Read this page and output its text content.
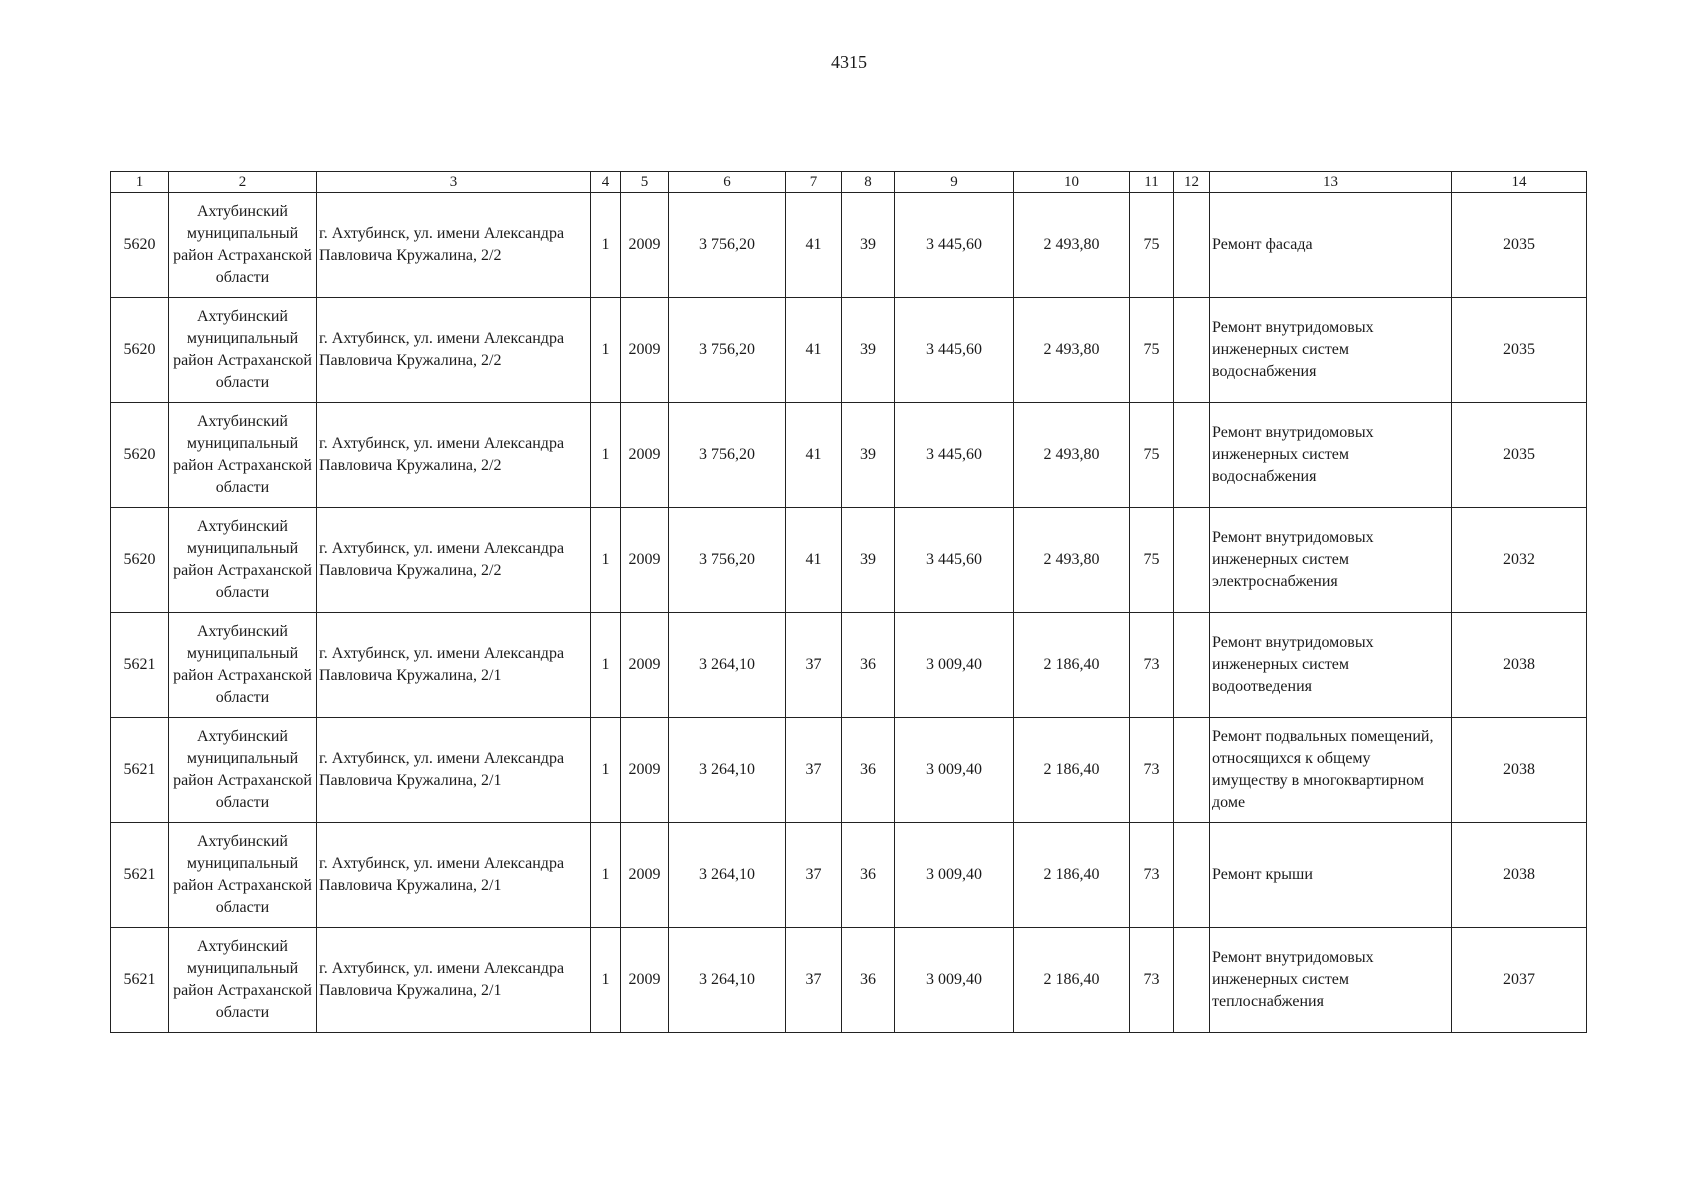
4315
1	2	3	4	5	6	7	8	9	10	11	12	13	14
5620	Ахтубинский муниципальный район Астраханской области	г. Ахтубинск, ул. имени Александра Павловича Кружалина, 2/2	1	2009	3 756,20	41	39	3 445,60	2 493,80	75		Ремонт фасада	2035
5620	Ахтубинский муниципальный район Астраханской области	г. Ахтубинск, ул. имени Александра Павловича Кружалина, 2/2	1	2009	3 756,20	41	39	3 445,60	2 493,80	75		Ремонт внутридомовых инженерных систем водоснабжения	2035
5620	Ахтубинский муниципальный район Астраханской области	г. Ахтубинск, ул. имени Александра Павловича Кружалина, 2/2	1	2009	3 756,20	41	39	3 445,60	2 493,80	75		Ремонт внутридомовых инженерных систем водоснабжения	2035
5620	Ахтубинский муниципальный район Астраханской области	г. Ахтубинск, ул. имени Александра Павловича Кружалина, 2/2	1	2009	3 756,20	41	39	3 445,60	2 493,80	75		Ремонт внутридомовых инженерных систем электроснабжения	2032
5621	Ахтубинский муниципальный район Астраханской области	г. Ахтубинск, ул. имени Александра Павловича Кружалина, 2/1	1	2009	3 264,10	37	36	3 009,40	2 186,40	73		Ремонт внутридомовых инженерных систем водоотведения	2038
5621	Ахтубинский муниципальный район Астраханской области	г. Ахтубинск, ул. имени Александра Павловича Кружалина, 2/1	1	2009	3 264,10	37	36	3 009,40	2 186,40	73		Ремонт подвальных помещений, относящихся к общему имуществу в многоквартирном доме	2038
5621	Ахтубинский муниципальный район Астраханской области	г. Ахтубинск, ул. имени Александра Павловича Кружалина, 2/1	1	2009	3 264,10	37	36	3 009,40	2 186,40	73		Ремонт крыши	2038
5621	Ахтубинский муниципальный район Астраханской области	г. Ахтубинск, ул. имени Александра Павловича Кружалина, 2/1	1	2009	3 264,10	37	36	3 009,40	2 186,40	73		Ремонт внутридомовых инженерных систем теплоснабжения	2037
